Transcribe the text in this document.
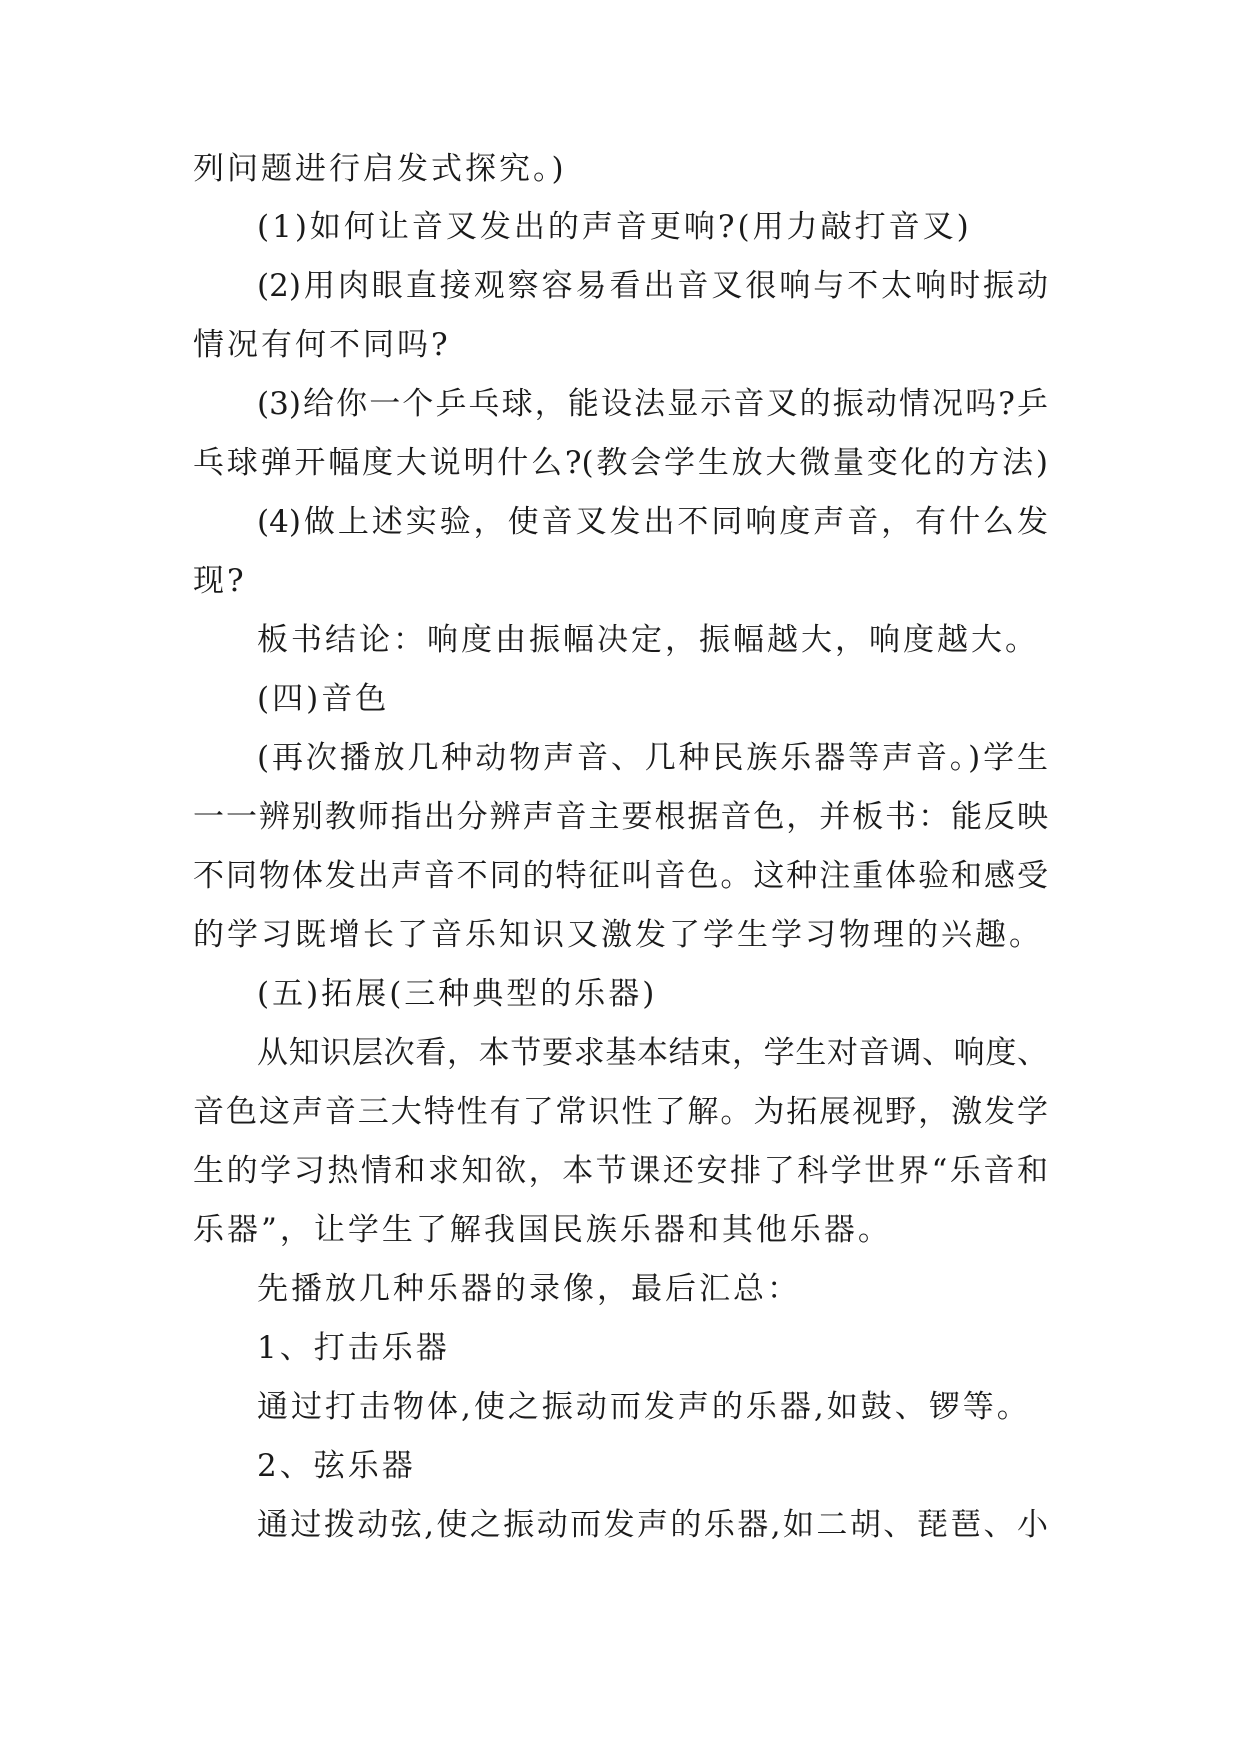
列问题进行启发式探究。)
(1)如何让音叉发出的声音更响?(用力敲打音叉)
(2)用肉眼直接观察容易看出音叉很响与不太响时振动
情况有何不同吗?
(3)给你一个乒乓球，能设法显示音叉的振动情况吗?乒
乓球弹开幅度大说明什么?(教会学生放大微量变化的方法)
(4)做上述实验，使音叉发出不同响度声音，有什么发
现?
板书结论：响度由振幅决定，振幅越大，响度越大。
(四)音色
(再次播放几种动物声音、几种民族乐器等声音。)学生
一一辨别教师指出分辨声音主要根据音色，并板书：能反映
不同物体发出声音不同的特征叫音色。这种注重体验和感受
的学习既增长了音乐知识又激发了学生学习物理的兴趣。
(五)拓展(三种典型的乐器)
从知识层次看，本节要求基本结束，学生对音调、响度、
音色这声音三大特性有了常识性了解。为拓展视野，激发学
生的学习热情和求知欲，本节课还安排了科学世界“乐音和
乐器”，让学生了解我国民族乐器和其他乐器。
先播放几种乐器的录像，最后汇总：
1、打击乐器
通过打击物体,使之振动而发声的乐器,如鼓、锣等。
2、弦乐器
通过拨动弦,使之振动而发声的乐器,如二胡、琵琶、小
